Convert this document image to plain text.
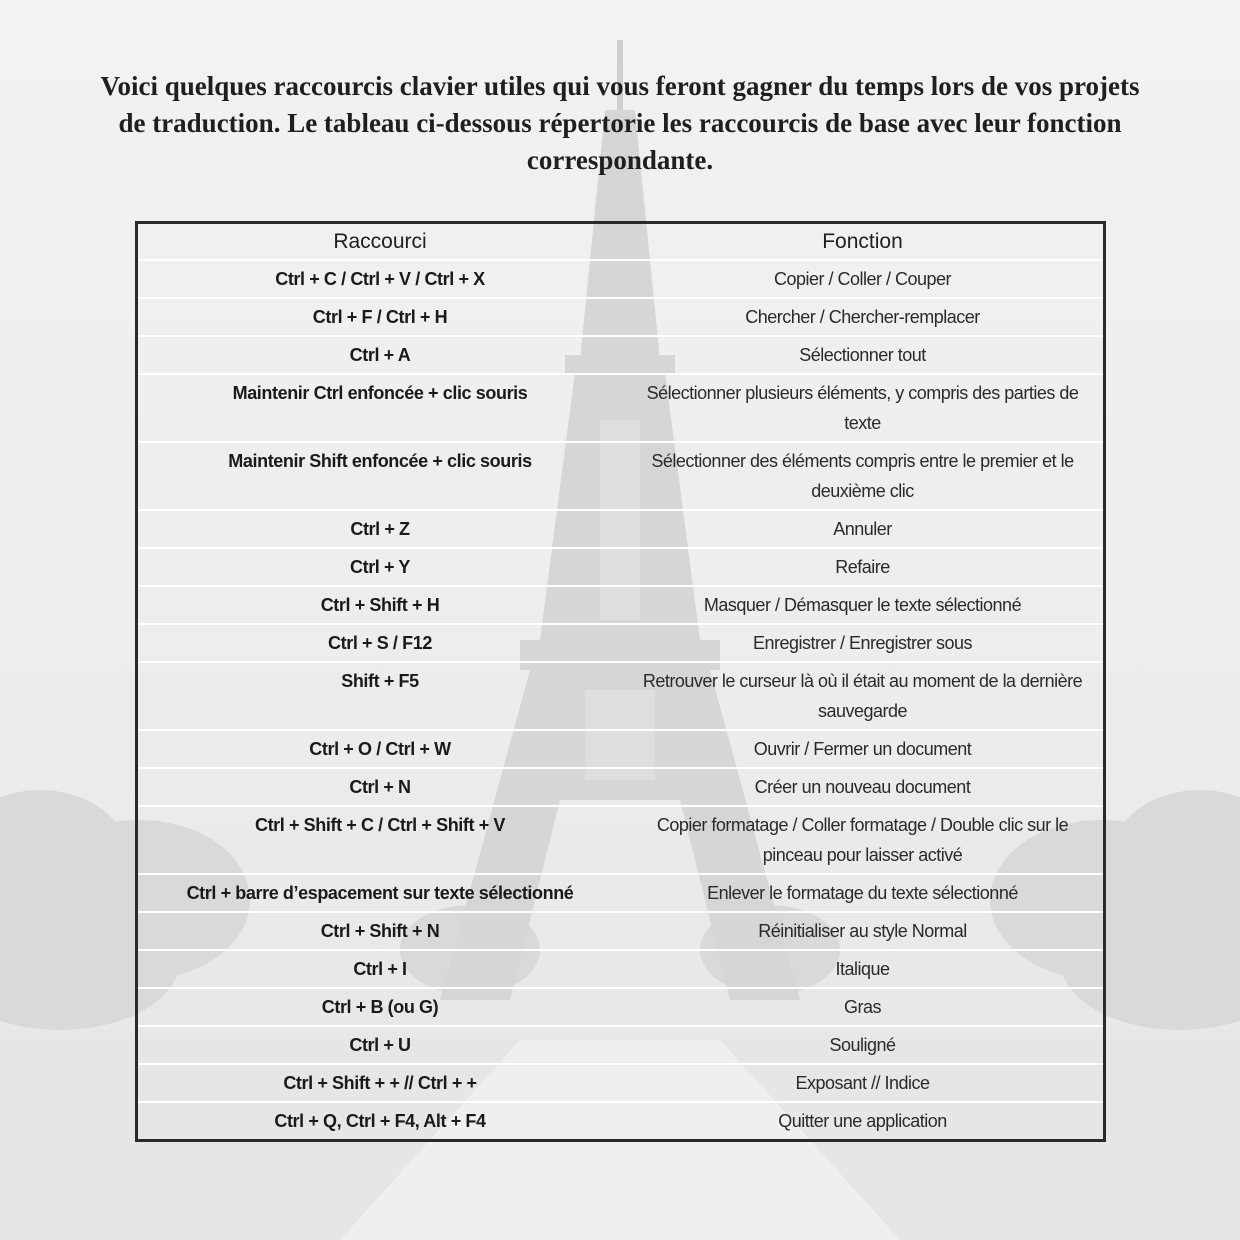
Voici quelques raccourcis clavier utiles qui vous feront gagner du temps lors de vos projets de traduction. Le tableau ci-dessous répertorie les raccourcis de base avec leur fonction correspondante.

Raccourci	Fonction
Ctrl + C / Ctrl + V / Ctrl + X	Copier / Coller / Couper
Ctrl + F / Ctrl + H	Chercher / Chercher-remplacer
Ctrl + A	Sélectionner tout
Maintenir Ctrl enfoncée + clic souris	Sélectionner plusieurs éléments, y compris des parties de texte
Maintenir Shift enfoncée + clic souris	Sélectionner des éléments compris entre le premier et le deuxième clic
Ctrl + Z	Annuler
Ctrl + Y	Refaire
Ctrl + Shift + H	Masquer / Démasquer le texte sélectionné
Ctrl + S / F12	Enregistrer / Enregistrer sous
Shift + F5	Retrouver le curseur là où il était au moment de la dernière sauvegarde
Ctrl + O / Ctrl + W	Ouvrir / Fermer un document
Ctrl + N	Créer un nouveau document
Ctrl + Shift + C / Ctrl + Shift + V	Copier formatage / Coller formatage / Double clic sur le pinceau pour laisser activé
Ctrl + barre d’espacement sur texte sélectionné	Enlever le formatage du texte sélectionné
Ctrl + Shift + N	Réinitialiser au style Normal
Ctrl + I	Italique
Ctrl + B (ou G)	Gras
Ctrl + U	Souligné
Ctrl + Shift + + // Ctrl + +	Exposant // Indice
Ctrl + Q, Ctrl + F4, Alt + F4	Quitter une application
